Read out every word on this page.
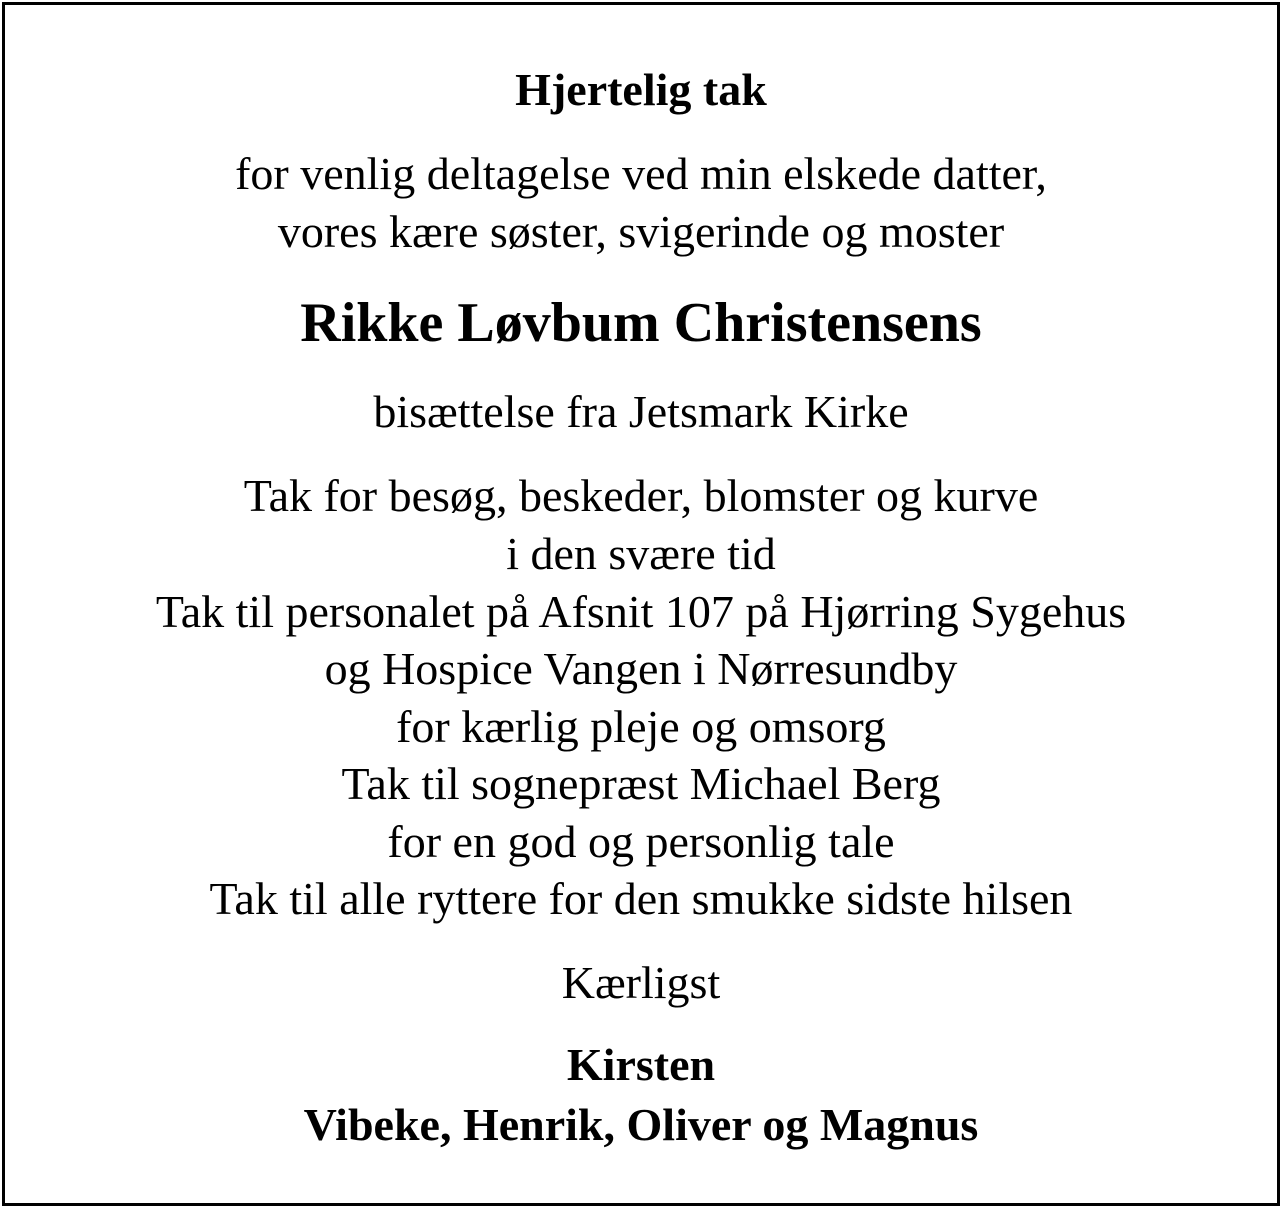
Hjertelig tak
for venlig deltagelse ved min elskede datter,
vores kære søster, svigerinde og moster
Rikke Løvbum Christensens
bisættelse fra Jetsmark Kirke
Tak for besøg, beskeder, blomster og kurve
i den svære tid
Tak til personalet på Afsnit 107 på Hjørring Sygehus
og Hospice Vangen i Nørresundby
for kærlig pleje og omsorg
Tak til sognepræst Michael Berg
for en god og personlig tale
Tak til alle ryttere for den smukke sidste hilsen
Kærligst
Kirsten
Vibeke, Henrik, Oliver og Magnus
